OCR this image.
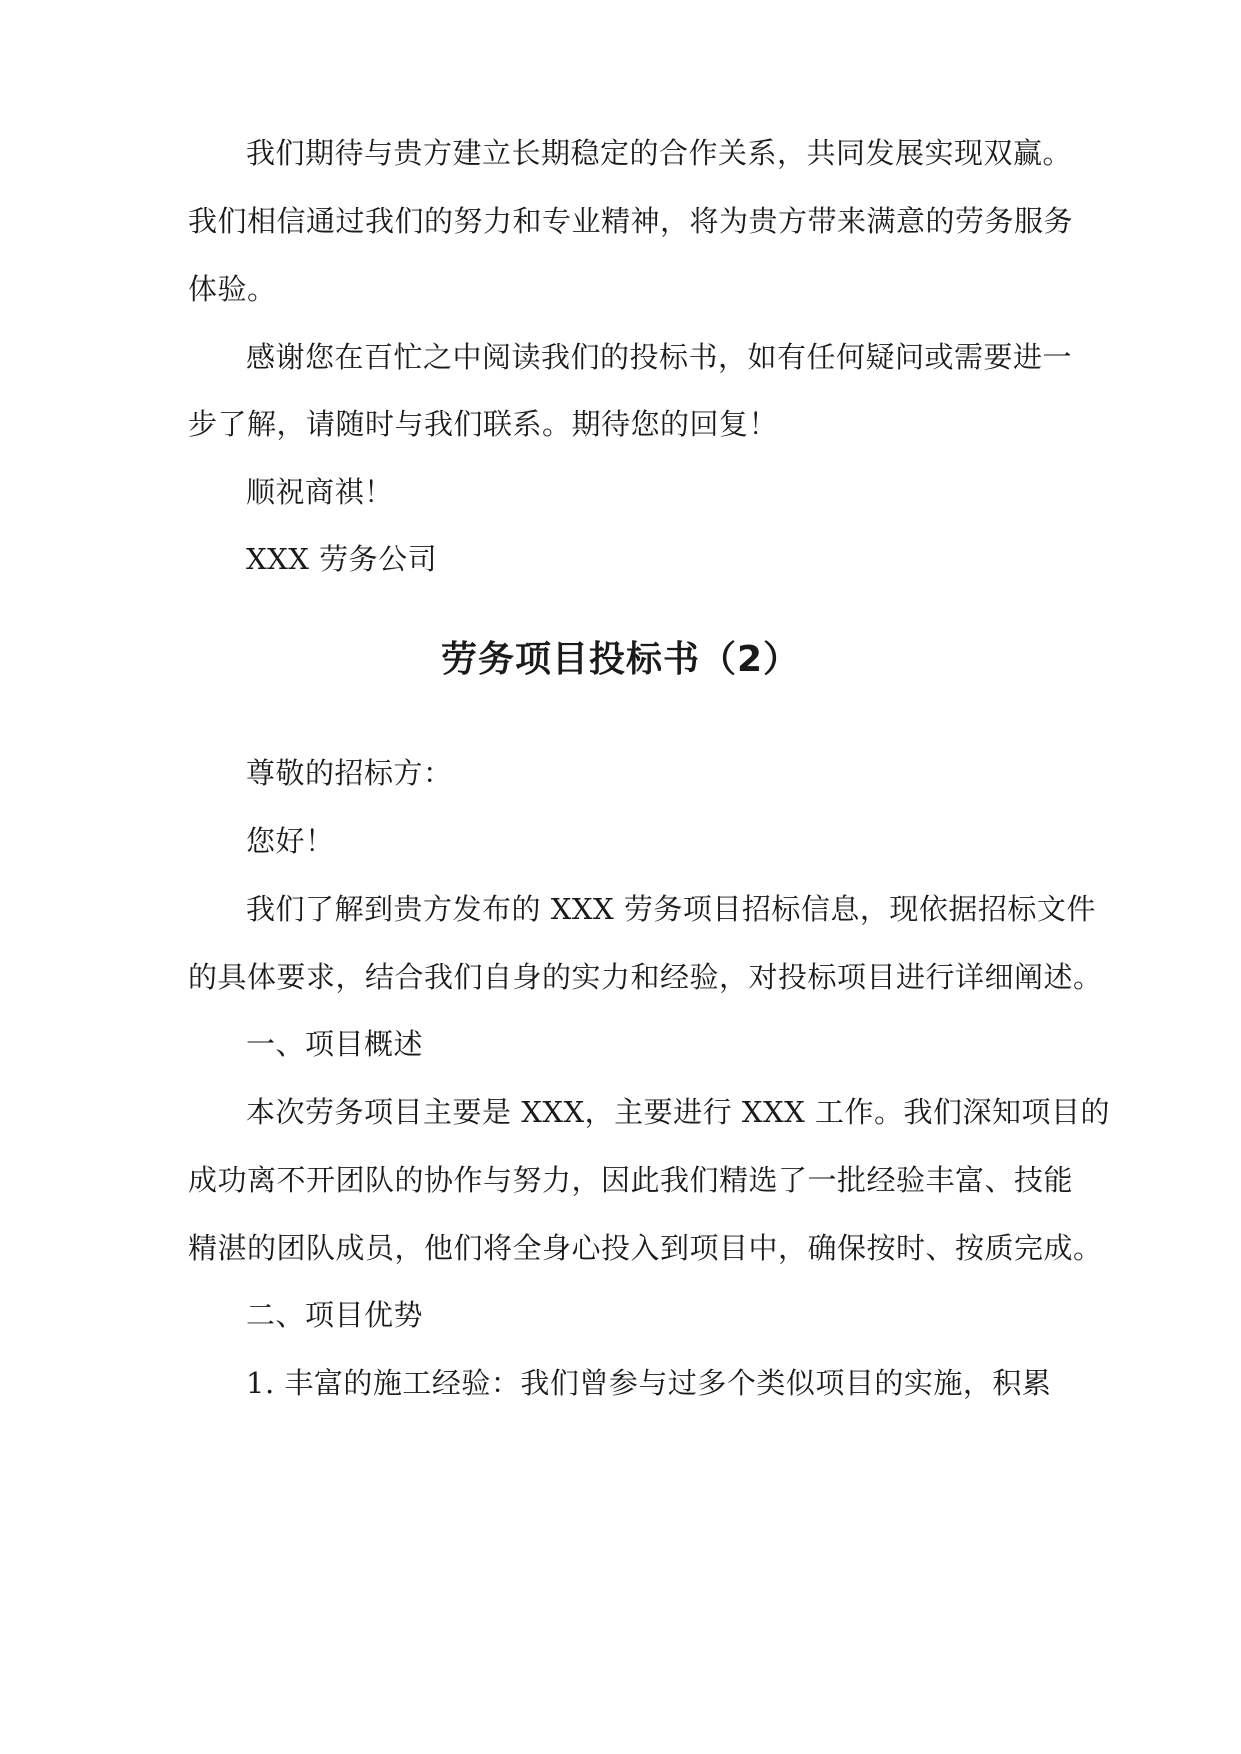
我们期待与贵方建立长期稳定的合作关系，共同发展实现双赢。
我们相信通过我们的努力和专业精神，将为贵方带来满意的劳务服务
体验。
感谢您在百忙之中阅读我们的投标书，如有任何疑问或需要进一
步了解，请随时与我们联系。期待您的回复！
顺祝商祺！
XXX 劳务公司
劳务项目投标书（2）
尊敬的招标方：
您好！
我们了解到贵方发布的 XXX 劳务项目招标信息，现依据招标文件
的具体要求，结合我们自身的实力和经验，对投标项目进行详细阐述。
一、项目概述
本次劳务项目主要是 XXX，主要进行 XXX 工作。我们深知项目的
成功离不开团队的协作与努力，因此我们精选了一批经验丰富、技能
精湛的团队成员，他们将全身心投入到项目中，确保按时、按质完成。
二、项目优势
1. 丰富的施工经验：我们曾参与过多个类似项目的实施，积累
